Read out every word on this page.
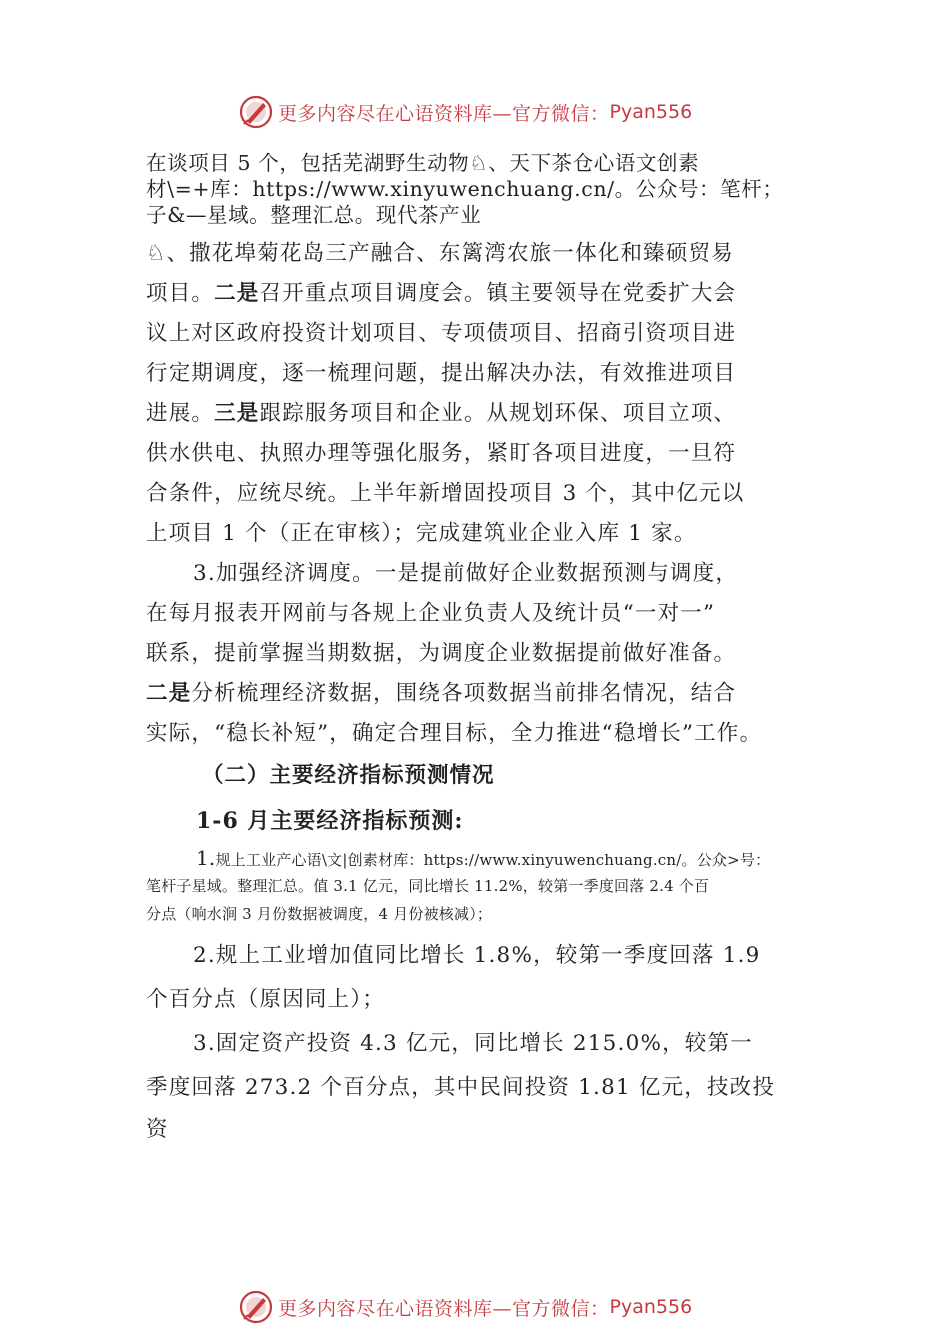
更多内容尽在心语资料库— 官方微信： Pyan556
在谈项目 5 个，包括芜湖野生动物♘、天下茶仓心语文创素
材\=+库：https://www.xinyuwenchuang.cn/。公众号：笔杆；
子&—星域。整理汇总。现代茶产业
♘、撒花埠菊花岛三产融合、东篱湾农旅一体化和臻硕贸易
项目。二是召开重点项目调度会。镇主要领导在党委扩大会
议上对区政府投资计划项目、专项债项目、招商引资项目进
行定期调度，逐一梳理问题，提出解决办法，有效推进项目
进展。三是跟踪服务项目和企业。从规划环保、项目立项、
供水供电、执照办理等强化服务，紧盯各项目进度，一旦符
合条件，应统尽统。上半年新增固投项目 3 个，其中亿元以
上项目 1 个（正在审核）；完成建筑业企业入库 1 家。
3.加强经济调度。一是提前做好企业数据预测与调度，
在每月报表开网前与各规上企业负责人及统计员“一对一”
联系，提前掌握当期数据，为调度企业数据提前做好准备。
二是分析梳理经济数据，围绕各项数据当前排名情况，结合
实际，“稳长补短”，确定合理目标，全力推进“稳增长”工作。
（二）主要经济指标预测情况
1-6 月主要经济指标预测:
1.规上工业产心语\文|创素材库：https://www.xinyuwenchuang.cn/。公众>号：
笔杆子星域。整理汇总。值 3.1 亿元，同比增长 11.2%，较第一季度回落 2.4 个百
分点（响水涧 3 月份数据被调度，4 月份被核减）；
2.规上工业增加值同比增长 1.8%，较第一季度回落 1.9
个百分点（原因同上）；
3.固定资产投资 4.3 亿元，同比增长 215.0%，较第一
季度回落 273.2 个百分点，其中民间投资 1.81 亿元，技改投
资
更多内容尽在心语资料库— 官方微信： Pyan556
